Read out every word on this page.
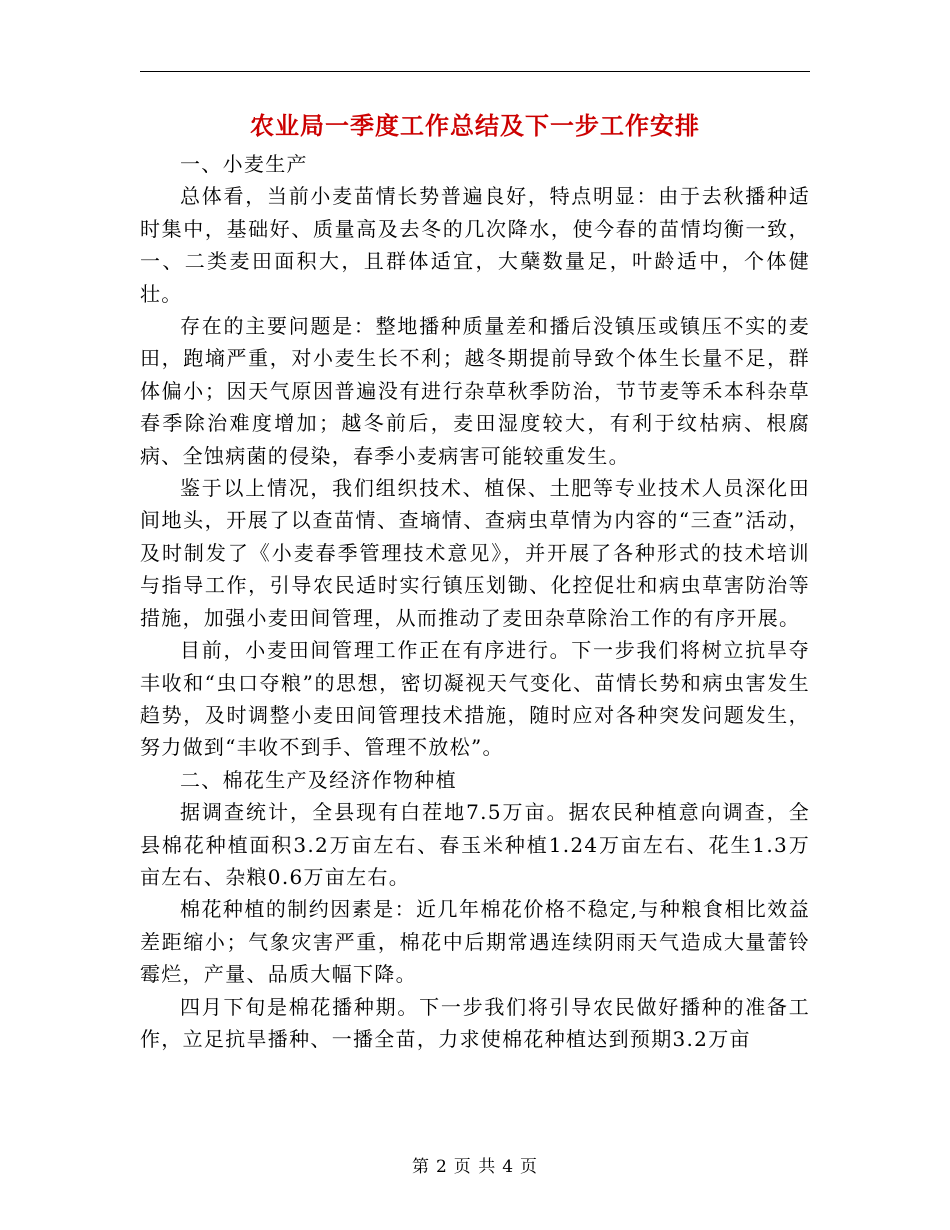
农业局一季度工作总结及下一步工作安排

一、小麦生产

总体看，当前小麦苗情长势普遍良好，特点明显：由于去秋播种适时集中，基础好、质量高及去冬的几次降水，使今春的苗情均衡一致，一、二类麦田面积大，且群体适宜，大蘖数量足，叶龄适中，个体健壮。

存在的主要问题是：整地播种质量差和播后没镇压或镇压不实的麦田，跑墒严重，对小麦生长不利；越冬期提前导致个体生长量不足，群体偏小；因天气原因普遍没有进行杂草秋季防治，节节麦等禾本科杂草春季除治难度增加；越冬前后，麦田湿度较大，有利于纹枯病、根腐病、全蚀病菌的侵染，春季小麦病害可能较重发生。

鉴于以上情况，我们组织技术、植保、土肥等专业技术人员深化田间地头，开展了以查苗情、查墒情、查病虫草情为内容的“三查”活动，及时制发了《小麦春季管理技术意见》，并开展了各种形式的技术培训与指导工作，引导农民适时实行镇压划锄、化控促壮和病虫草害防治等措施，加强小麦田间管理，从而推动了麦田杂草除治工作的有序开展。

目前，小麦田间管理工作正在有序进行。下一步我们将树立抗旱夺丰收和“虫口夺粮”的思想，密切凝视天气变化、苗情长势和病虫害发生趋势，及时调整小麦田间管理技术措施，随时应对各种突发问题发生，努力做到“丰收不到手、管理不放松”。

二、棉花生产及经济作物种植

据调查统计，全县现有白茬地7.5万亩。据农民种植意向调查，全县棉花种植面积3.2万亩左右、春玉米种植1.24万亩左右、花生1.3万亩左右、杂粮0.6万亩左右。

棉花种植的制约因素是：近几年棉花价格不稳定,与种粮食相比效益差距缩小；气象灾害严重，棉花中后期常遇连续阴雨天气造成大量蕾铃霉烂，产量、品质大幅下降。

四月下旬是棉花播种期。下一步我们将引导农民做好播种的准备工作，立足抗旱播种、一播全苗，力求使棉花种植达到预期3.2万亩

第 2 页 共 4 页
